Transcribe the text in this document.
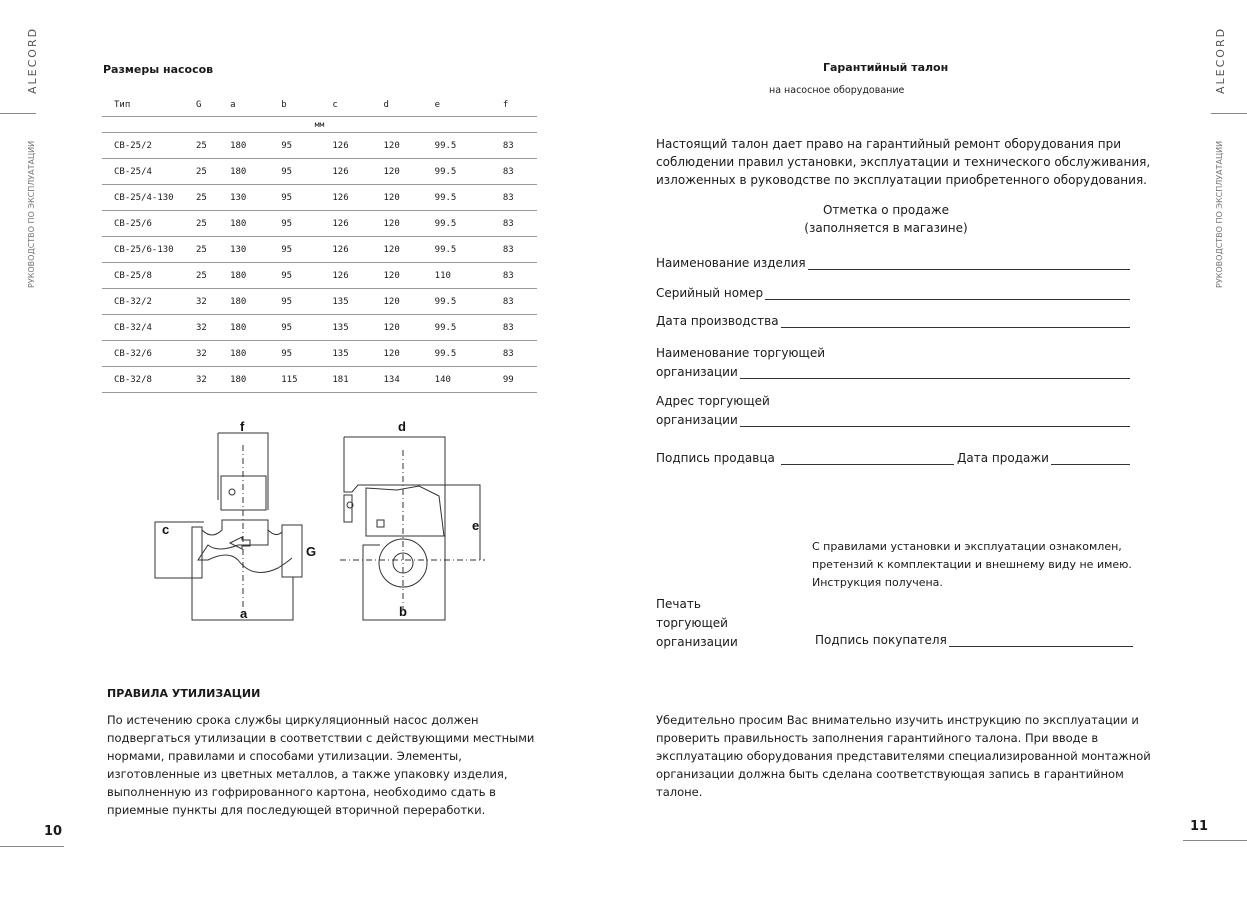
ALECORD
РУКОВОДСТВО ПО ЭКСПЛУАТАЦИИ
ALECORD
РУКОВОДСТВО ПО ЭКСПЛУАТАЦИИ
Размеры насосов
Тип	G	a	b	c	d	e	f
мм							
СВ-25/2	25	180	95	126	120	99.5	83
СВ-25/4	25	180	95	126	120	99.5	83
СВ-25/4-130	25	130	95	126	120	99.5	83
СВ-25/6	25	180	95	126	120	99.5	83
СВ-25/6-130	25	130	95	126	120	99.5	83
СВ-25/8	25	180	95	126	120	110	83
СВ-32/2	32	180	95	135	120	99.5	83
СВ-32/4	32	180	95	135	120	99.5	83
СВ-32/6	32	180	95	135	120	99.5	83
СВ-32/8	32	180	115	181	134	140	99
f
c
a
G
d
e
b
ПРАВИЛА УТИЛИЗАЦИИ
По истечению срока службы циркуляционный насос должен подвергаться утилизации в соответствии с действующими местными нормами, правилами и способами утилизации. Элементы, изготовленные из цветных металлов, а также упаковку изделия, выполненную из гофрированного картона, необходимо сдать в приемные пункты для последующей вторичной переработки.
10
Гарантийный талон
на насосное оборудование
Настоящий талон дает право на гарантийный ремонт оборудования при соблюдении правил установки, эксплуатации и технического обслуживания, изложенных в руководстве по эксплуатации приобретенного оборудования.
Отметка о продаже
(заполняется в магазине)
Наименование изделия
Серийный номер
Дата производства
Наименование торгующей
организации
Адрес торгующей
организации
Подпись продавца	Дата продажи
С правилами установки и эксплуатации ознакомлен,
претензий к комплектации и внешнему виду не имею.
Инструкция получена.
Печать
торгующей
организации	Подпись покупателя
Убедительно просим Вас внимательно изучить инструкцию по эксплуатации и проверить правильность заполнения гарантийного талона. При вводе в эксплуатацию оборудования представителями специализированной монтажной организации должна быть сделана соответствующая запись в гарантийном талоне.
11
